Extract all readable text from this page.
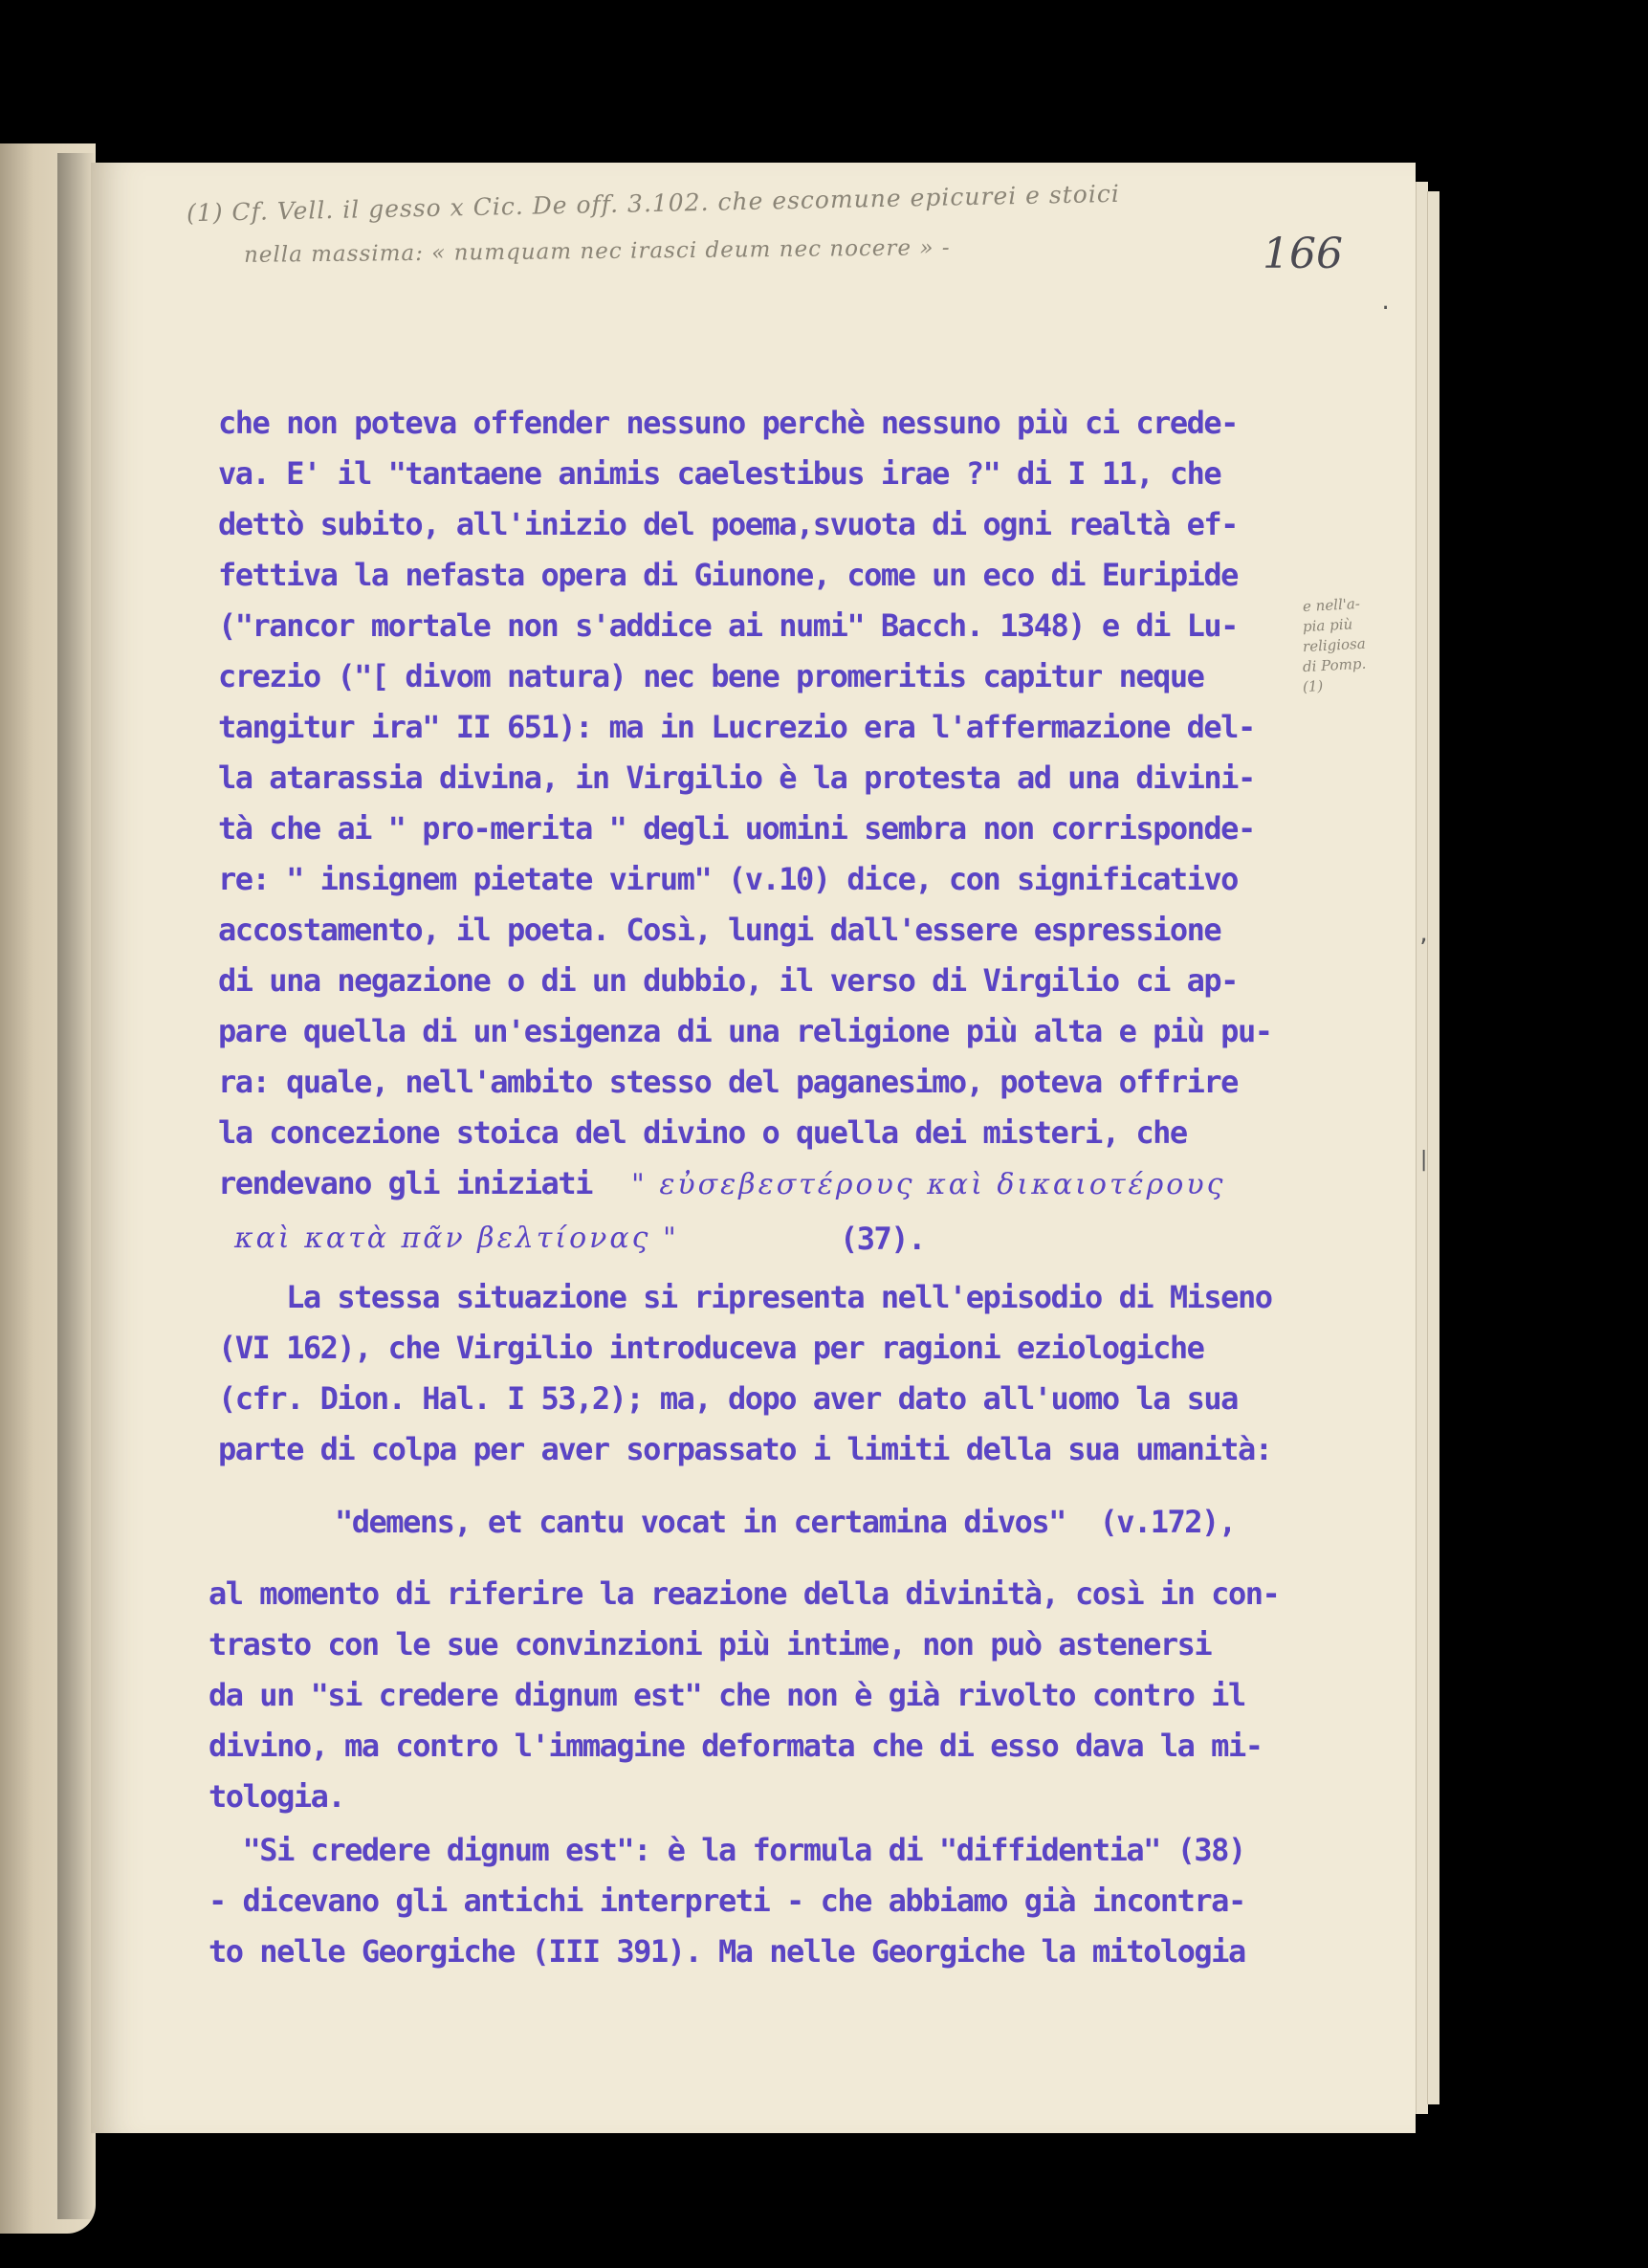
(1) Cf. Vell. il gesso x Cic. De off. 3.102. che escomune epicurei e stoici
nella massima: « numquam nec irasci deum nec nocere » -	166
e nell'a-
pia più
religiosa
di Pomp.
(1)
che non poteva offender nessuno perchè nessuno più ci crede-
va. E' il "tantaene animis caelestibus irae ?" di I 11, che
dettò subito, all'inizio del poema,svuota di ogni realtà ef-
fettiva la nefasta opera di Giunone, come un eco di Euripide
("rancor mortale non s'addice ai numi" Bacch. 1348) e di Lu-
crezio ("[ divom natura) nec bene promeritis capitur neque
tangitur ira" II 651): ma in Lucrezio era l'affermazione del-
la atarassia divina, in Virgilio è la protesta ad una divini-
tà che ai " pro-merita " degli uomini sembra non corrisponde-
re: " insignem pietate virum" (v.10) dice, con significativo
accostamento, il poeta. Così, lungi dall'essere espressione
di una negazione o di un dubbio, il verso di Virgilio ci ap-
pare quella di un'esigenza di una religione più alta e più pu-
ra: quale, nell'ambito stesso del paganesimo, poteva offrire
la concezione stoica del divino o quella dei misteri, che
rendevano gli iniziati " εὐσεβεστέρους καὶ δικαιοτέρους
καὶ κατὰ πᾶν βελτίονας "	(37).
La stessa situazione si ripresenta nell'episodio di Miseno
(VI 162), che Virgilio introduceva per ragioni eziologiche
(cfr. Dion. Hal. I 53,2); ma, dopo aver dato all'uomo la sua
parte di colpa per aver sorpassato i limiti della sua umanità:
"demens, et cantu vocat in certamina divos"  (v.172),
al momento di riferire la reazione della divinità, così in con-
trasto con le sue convinzioni più intime, non può astenersi
da un "si credere dignum est" che non è già rivolto contro il
divino, ma contro l'immagine deformata che di esso dava la mi-
tologia.
"Si credere dignum est": è la formula di "diffidentia" (38)
- dicevano gli antichi interpreti - che abbiamo già incontra-
to nelle Georgiche (III 391). Ma nelle Georgiche la mitologia
·
,
|
